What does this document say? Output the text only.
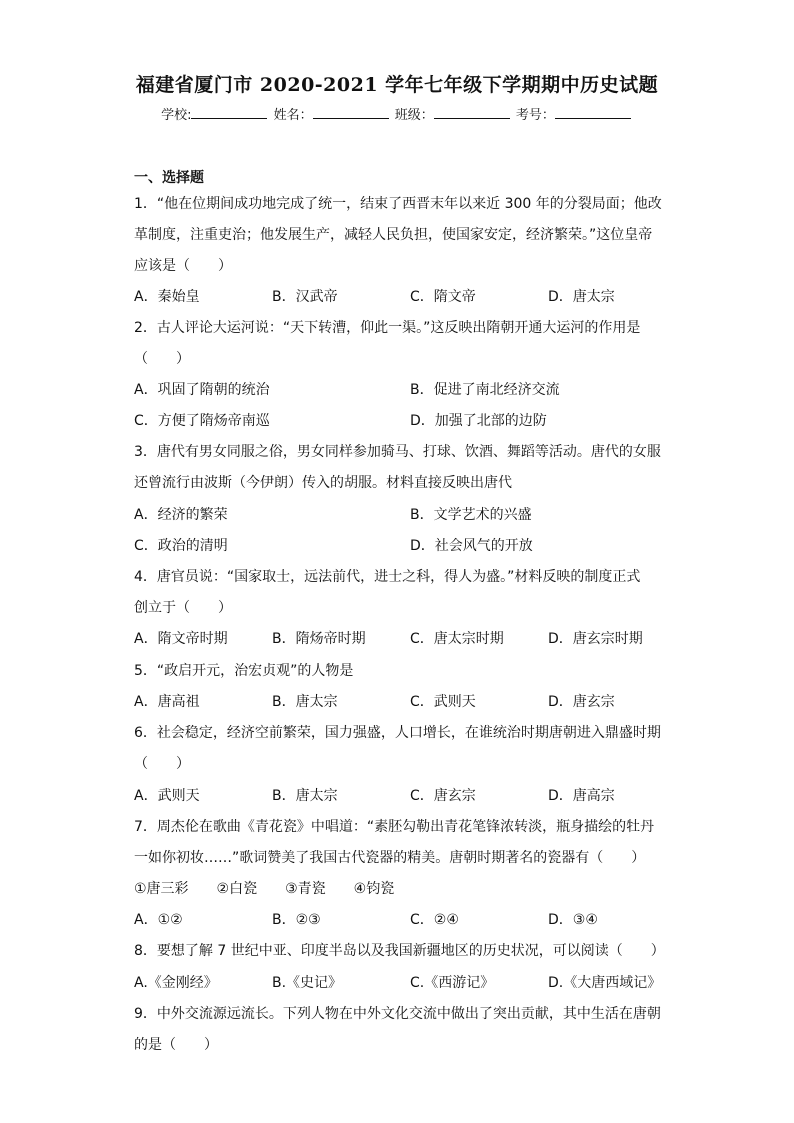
福建省厦门市 2020-2021 学年七年级下学期期中历史试题
学校:	姓名：	班级：	考号：
一、选择题
1．“他在位期间成功地完成了统一，结束了西晋末年以来近 300 年的分裂局面；他改
革制度，注重吏治；他发展生产，减轻人民负担，使国家安定，经济繁荣。”这位皇帝
应该是（　　）
A．秦始皇	B．汉武帝	C．隋文帝	D．唐太宗
2．古人评论大运河说：“天下转漕，仰此一渠。”这反映出隋朝开通大运河的作用是
（　　）
A．巩固了隋朝的统治	B．促进了南北经济交流
C．方便了隋炀帝南巡	D．加强了北部的边防
3．唐代有男女同服之俗，男女同样参加骑马、打球、饮酒、舞蹈等活动。唐代的女服
还曾流行由波斯（今伊朗）传入的胡服。材料直接反映出唐代
A．经济的繁荣	B．文学艺术的兴盛
C．政治的清明	D．社会风气的开放
4．唐官员说：“国家取士，远法前代，进士之科，得人为盛。”材料反映的制度正式
创立于（　　）
A．隋文帝时期	B．隋炀帝时期	C．唐太宗时期	D．唐玄宗时期
5．“政启开元，治宏贞观”的人物是
A．唐高祖	B．唐太宗	C．武则天	D．唐玄宗
6．社会稳定，经济空前繁荣，国力强盛，人口增长，在谁统治时期唐朝进入鼎盛时期
（　　）
A．武则天	B．唐太宗	C．唐玄宗	D．唐高宗
7．周杰伦在歌曲《青花瓷》中唱道：“素胚勾勒出青花笔锋浓转淡，瓶身描绘的牡丹
一如你初妆……”歌词赞美了我国古代瓷器的精美。唐朝时期著名的瓷器有（　　）
①唐三彩　　②白瓷　　③青瓷　　④钧瓷
A．①②	B．②③	C．②④	D．③④
8．要想了解 7 世纪中亚、印度半岛以及我国新疆地区的历史状况，可以阅读（　　）
A.《金刚经》	B.《史记》	C.《西游记》	D.《大唐西域记》
9．中外交流源远流长。下列人物在中外文化交流中做出了突出贡献，其中生活在唐朝
的是（　　）
